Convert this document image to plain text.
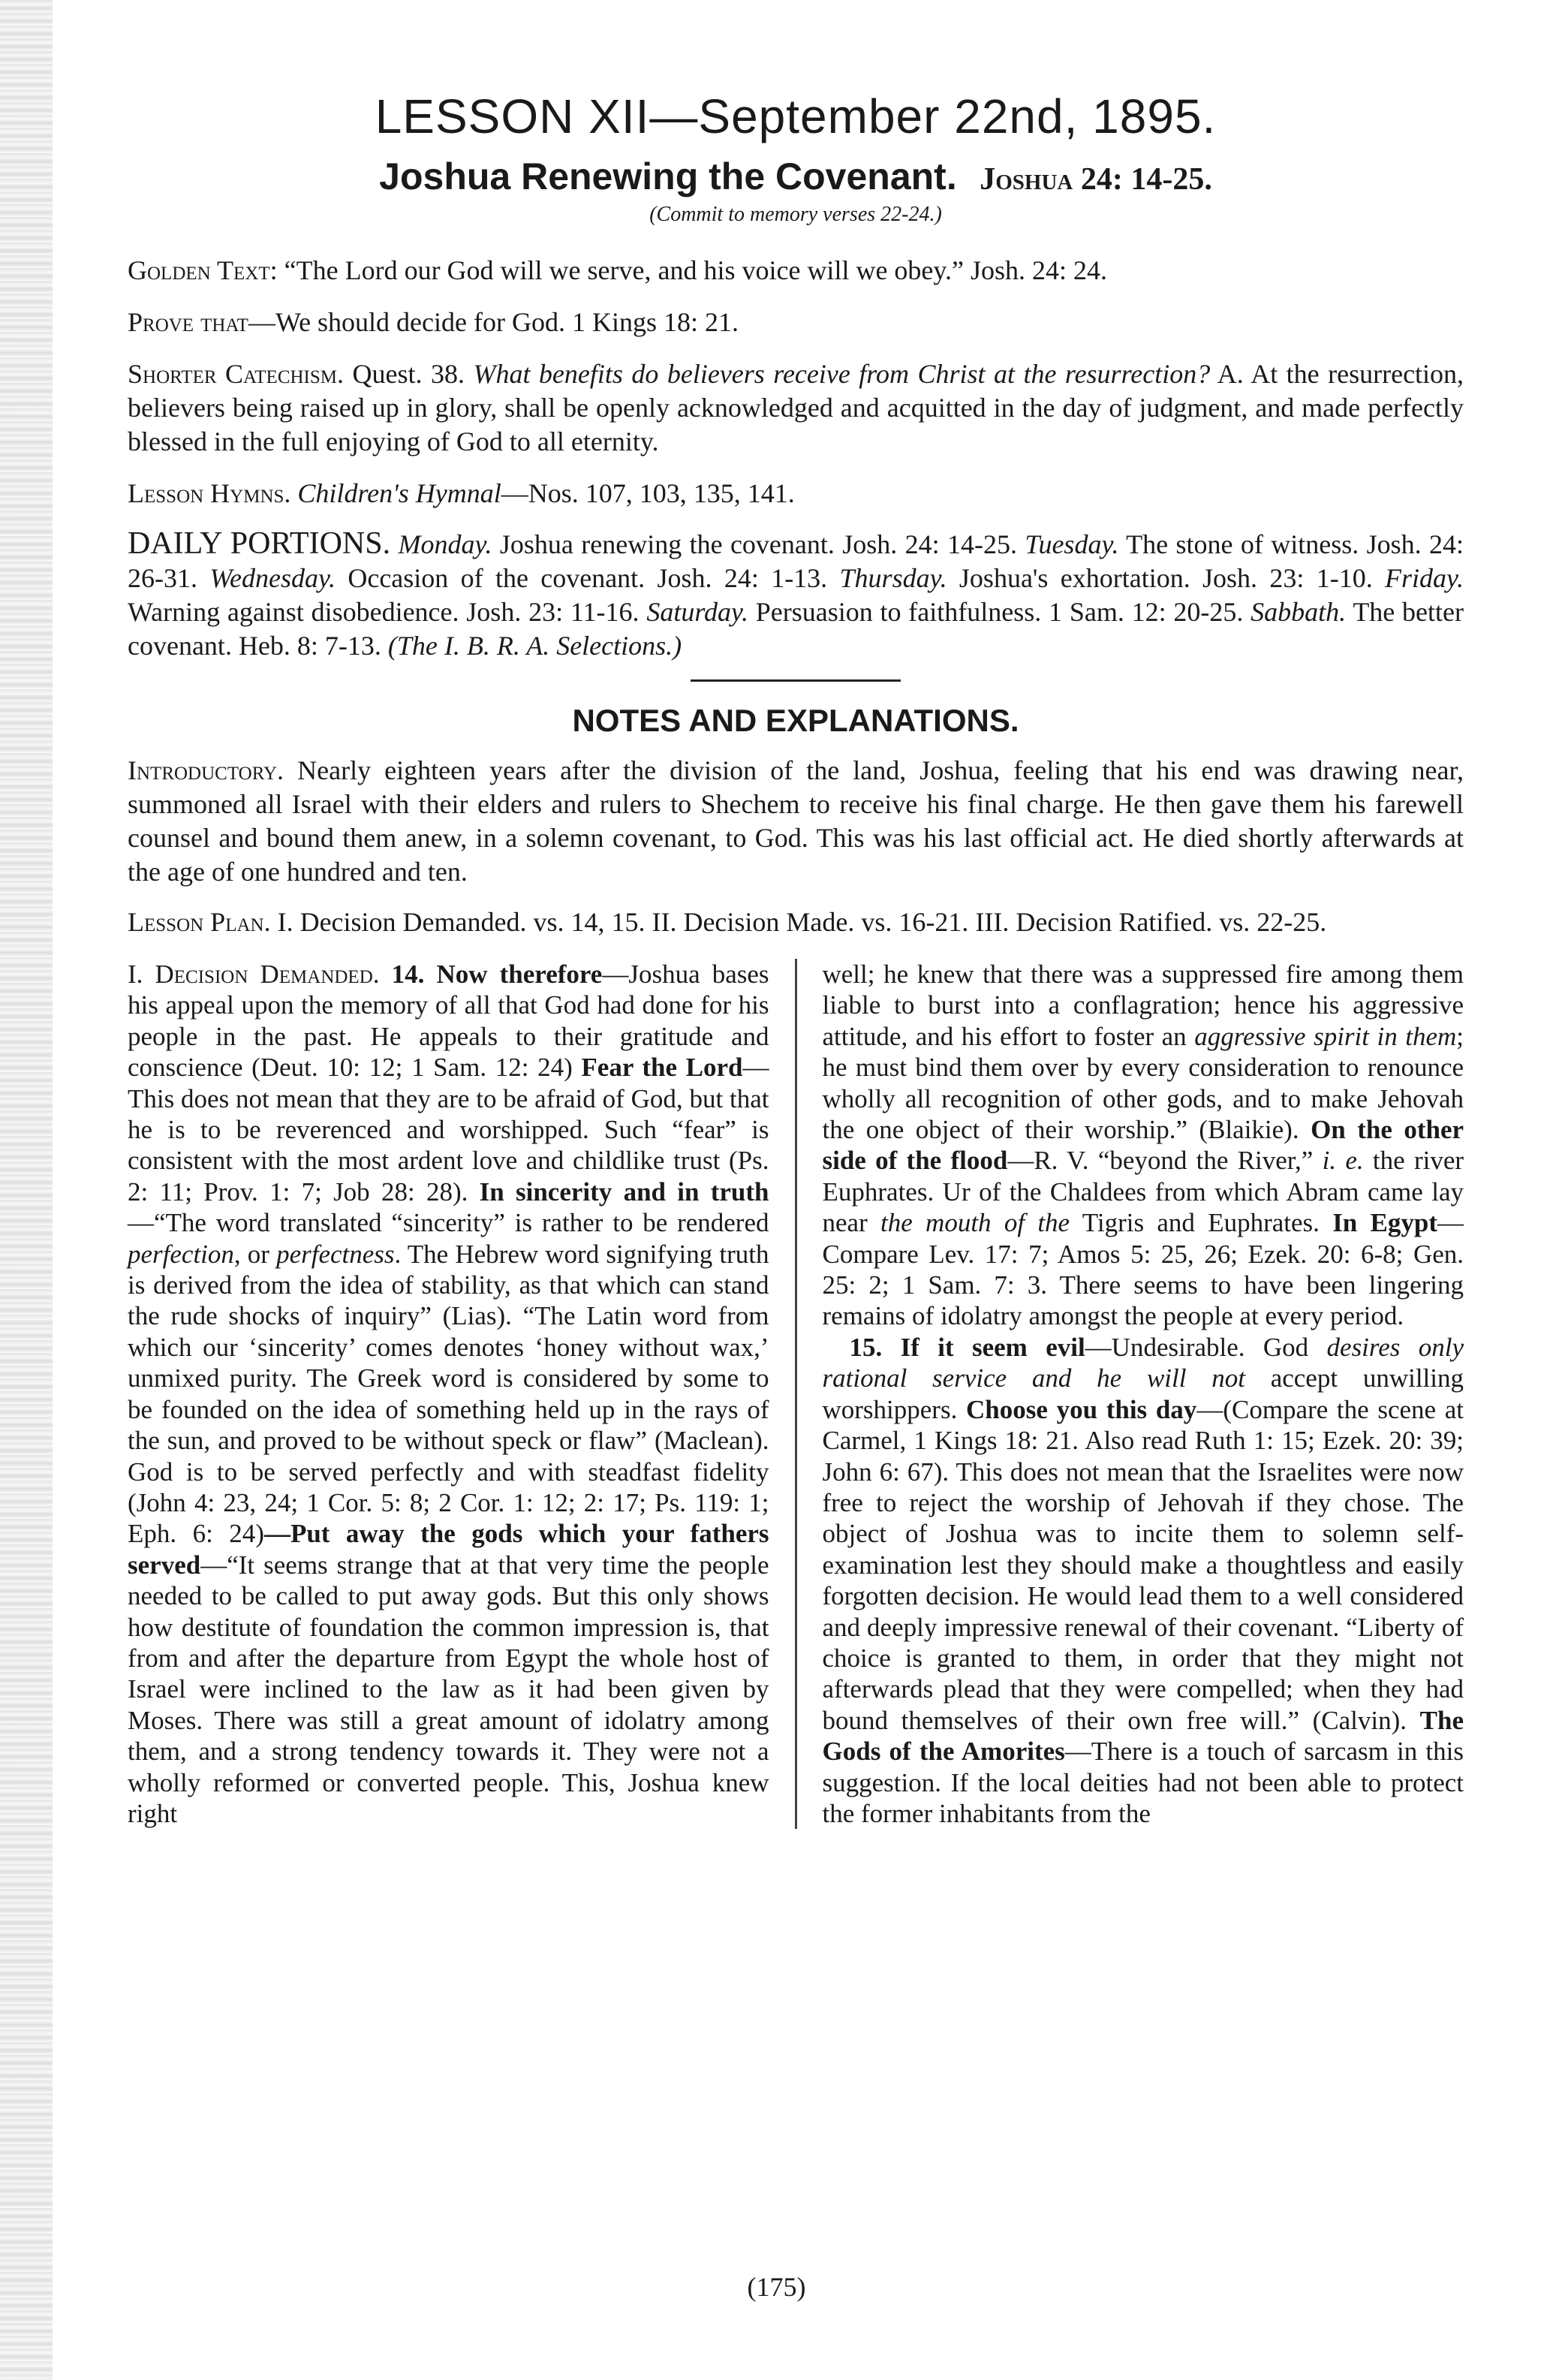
LESSON XII—September 22nd, 1895.
Joshua Renewing the Covenant. Joshua 24: 14-25.
(Commit to memory verses 22-24.)

Golden Text: “The Lord our God will we serve, and his voice will we obey.” Josh. 24: 24.

Prove that—We should decide for God. 1 Kings 18: 21.

Shorter Catechism. Quest. 38. What benefits do believers receive from Christ at the resurrection? A. At the resurrection, believers being raised up in glory, shall be openly acknowledged and acquitted in the day of judgment, and made perfectly blessed in the full enjoying of God to all eternity.

Lesson Hymns. Children's Hymnal—Nos. 107, 103, 135, 141.

DAILY PORTIONS. Monday. Joshua renewing the covenant. Josh. 24: 14-25. Tuesday. The stone of witness. Josh. 24: 26-31. Wednesday. Occasion of the covenant. Josh. 24: 1-13. Thursday. Joshua's exhortation. Josh. 23: 1-10. Friday. Warning against disobedience. Josh. 23: 11-16. Saturday. Persuasion to faithfulness. 1 Sam. 12: 20-25. Sabbath. The better covenant. Heb. 8: 7-13. (The I. B. R. A. Selections.)

NOTES AND EXPLANATIONS.

Introductory. Nearly eighteen years after the division of the land, Joshua, feeling that his end was drawing near, summoned all Israel with their elders and rulers to Shechem to receive his final charge. He then gave them his farewell counsel and bound them anew, in a solemn covenant, to God. This was his last official act. He died shortly afterwards at the age of one hundred and ten.

Lesson Plan. I. Decision Demanded. vs. 14, 15. II. Decision Made. vs. 16-21. III. Decision Ratified. vs. 22-25.

I. Decision Demanded. 14. Now therefore—Joshua bases his appeal upon the memory of all that God had done for his people in the past. He appeals to their gratitude and conscience (Deut. 10: 12; 1 Sam. 12: 24) Fear the Lord—This does not mean that they are to be afraid of God, but that he is to be reverenced and worshipped. Such “fear” is consistent with the most ardent love and childlike trust (Ps. 2: 11; Prov. 1: 7; Job 28: 28). In sincerity and in truth—“The word translated “sincerity” is rather to be rendered perfection, or perfectness. The Hebrew word signifying truth is derived from the idea of stability, as that which can stand the rude shocks of inquiry” (Lias). “The Latin word from which our ‘sincerity’ comes denotes ‘honey without wax,’ unmixed purity. The Greek word is considered by some to be founded on the idea of something held up in the rays of the sun, and proved to be without speck or flaw” (Maclean). God is to be served perfectly and with steadfast fidelity (John 4: 23, 24; 1 Cor. 5: 8; 2 Cor. 1: 12; 2: 17; Ps. 119: 1; Eph. 6: 24)—Put away the gods which your fathers served—“It seems strange that at that very time the people needed to be called to put away gods. But this only shows how destitute of foundation the common impression is, that from and after the departure from Egypt the whole host of Israel were inclined to the law as it had been given by Moses. There was still a great amount of idolatry among them, and a strong tendency towards it. They were not a wholly reformed or converted people. This, Joshua knew right

well; he knew that there was a suppressed fire among them liable to burst into a conflagration; hence his aggressive attitude, and his effort to foster an aggressive spirit in them; he must bind them over by every consideration to renounce wholly all recognition of other gods, and to make Jehovah the one object of their worship.” (Blaikie). On the other side of the flood—R. V. “beyond the River,” i. e. the river Euphrates. Ur of the Chaldees from which Abram came lay near the mouth of the Tigris and Euphrates. In Egypt—Compare Lev. 17: 7; Amos 5: 25, 26; Ezek. 20: 6-8; Gen. 25: 2; 1 Sam. 7: 3. There seems to have been lingering remains of idolatry amongst the people at every period.

15. If it seem evil—Undesirable. God desires only rational service and he will not accept unwilling worshippers. Choose you this day—(Compare the scene at Carmel, 1 Kings 18: 21. Also read Ruth 1: 15; Ezek. 20: 39; John 6: 67). This does not mean that the Israelites were now free to reject the worship of Jehovah if they chose. The object of Joshua was to incite them to solemn self-examination lest they should make a thoughtless and easily forgotten decision. He would lead them to a well considered and deeply impressive renewal of their covenant. “Liberty of choice is granted to them, in order that they might not afterwards plead that they were compelled; when they had bound themselves of their own free will.” (Calvin). The Gods of the Amorites—There is a touch of sarcasm in this suggestion. If the local deities had not been able to protect the former inhabitants from the

(175)
